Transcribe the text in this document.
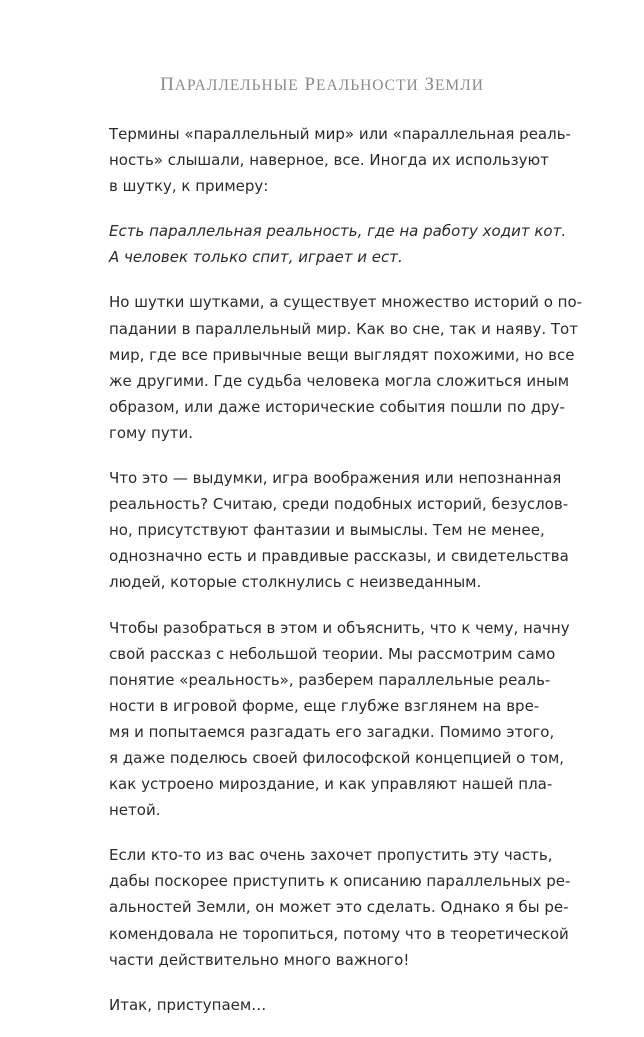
ПАРАЛЛЕЛЬНЫЕ РЕАЛЬНОСТИ ЗЕМЛИ

Термины «параллельный мир» или «параллельная реаль-
ность» слышали, наверное, все. Иногда их используют
в шутку, к примеру:

Есть параллельная реальность, где на работу ходит кот.
А человек только спит, играет и ест.

Но шутки шутками, а существует множество историй о по-
падании в параллельный мир. Как во сне, так и наяву. Тот
мир, где все привычные вещи выглядят похожими, но все
же другими. Где судьба человека могла сложиться иным
образом, или даже исторические события пошли по дру-
гому пути.

Что это — выдумки, игра воображения или непознанная
реальность? Считаю, среди подобных историй, безуслов-
но, присутствуют фантазии и вымыслы. Тем не менее,
однозначно есть и правдивые рассказы, и свидетельства
людей, которые столкнулись с неизведанным.

Чтобы разобраться в этом и объяснить, что к чему, начну
свой рассказ с небольшой теории. Мы рассмотрим само
понятие «реальность», разберем параллельные реаль-
ности в игровой форме, еще глубже взглянем на вре-
мя и попытаемся разгадать его загадки. Помимо этого,
я даже поделюсь своей философской концепцией о том,
как устроено мироздание, и как управляют нашей пла-
нетой.

Если кто-то из вас очень захочет пропустить эту часть,
дабы поскорее приступить к описанию параллельных ре-
альностей Земли, он может это сделать. Однако я бы ре-
комендовала не торопиться, потому что в теоретической
части действительно много важного!

Итак, приступаем…
